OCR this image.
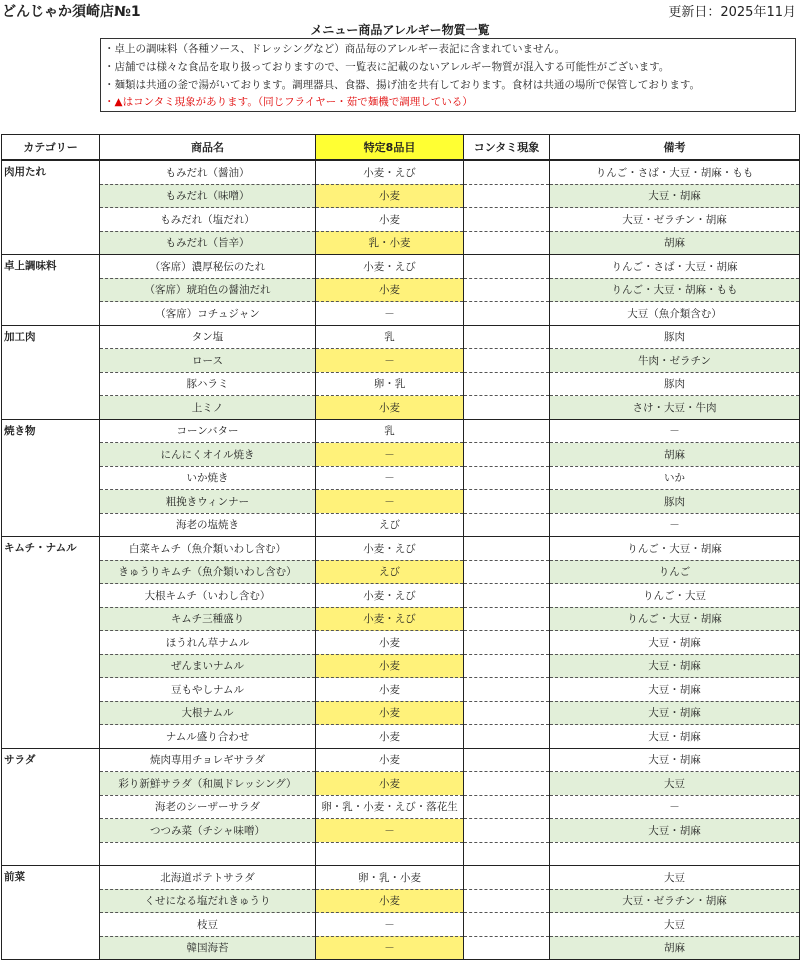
どんじゃか須崎店№1	更新日：2025年11月
メニュー商品アレルギー物質一覧
・卓上の調味料（各種ソース、ドレッシングなど）商品毎のアレルギー表記に含まれていません。
・店舗では様々な食品を取り扱っておりますので、一覧表に記載のないアレルギー物質が混入する可能性がございます。
・麺類は共通の釜で湯がいております。調理器具、食器、揚げ油を共有しております。食材は共通の場所で保管しております。
・▲はコンタミ現象があります。（同じフライヤー・茹で麺機で調理している）
カテゴリー	商品名	特定8品目	コンタミ現象	備考
肉用たれ	もみだれ（醤油）	小麦・えび		りんご・さば・大豆・胡麻・もも
	もみだれ（味噌）	小麦		大豆・胡麻
	もみだれ（塩だれ）	小麦		大豆・ゼラチン・胡麻
	もみだれ（旨辛）	乳・小麦		胡麻
卓上調味料	（客席）濃厚秘伝のたれ	小麦・えび		りんご・さば・大豆・胡麻
	（客席）琥珀色の醤油だれ	小麦		りんご・大豆・胡麻・もも
	（客席）コチュジャン	－		大豆（魚介類含む）
加工肉	タン塩	乳		豚肉
	ロース	－		牛肉・ゼラチン
	豚ハラミ	卵・乳		豚肉
	上ミノ	小麦		さけ・大豆・牛肉
焼き物	コーンバター	乳		－
	にんにくオイル焼き	－		胡麻
	いか焼き	－		いか
	粗挽きウィンナー	－		豚肉
	海老の塩焼き	えび		－
キムチ・ナムル	白菜キムチ（魚介類いわし含む）	小麦・えび		りんご・大豆・胡麻
	きゅうりキムチ（魚介類いわし含む）	えび		りんご
	大根キムチ（いわし含む）	小麦・えび		りんご・大豆
	キムチ三種盛り	小麦・えび		りんご・大豆・胡麻
	ほうれん草ナムル	小麦		大豆・胡麻
	ぜんまいナムル	小麦		大豆・胡麻
	豆もやしナムル	小麦		大豆・胡麻
	大根ナムル	小麦		大豆・胡麻
	ナムル盛り合わせ	小麦		大豆・胡麻
サラダ	焼肉専用チョレギサラダ	小麦		大豆・胡麻
	彩り新鮮サラダ（和風ドレッシング）	小麦		大豆
	海老のシーザーサラダ	卵・乳・小麦・えび・落花生		－
	つつみ菜（チシャ味噌）	－		大豆・胡麻

前菜	北海道ポテトサラダ	卵・乳・小麦		大豆
	くせになる塩だれきゅうり	小麦		大豆・ゼラチン・胡麻
	枝豆	－		大豆
	韓国海苔	－		胡麻
